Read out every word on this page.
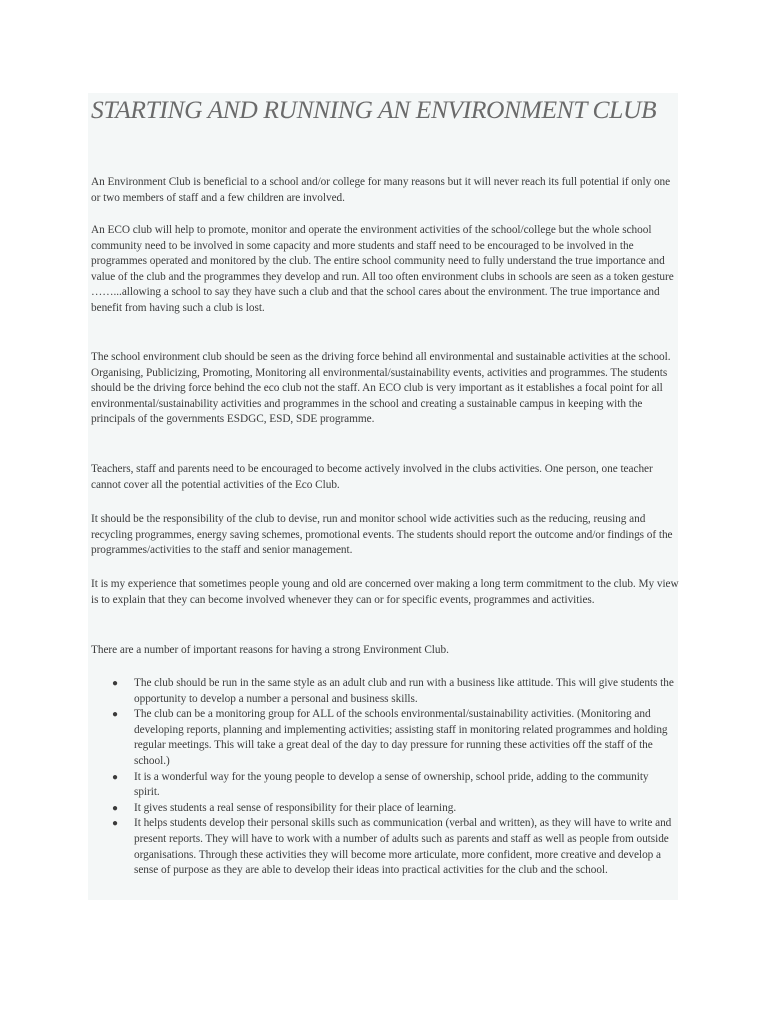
STARTING AND RUNNING AN ENVIRONMENT CLUB

An Environment Club is beneficial to a school and/or college for many reasons but it will never reach its full potential if only one or two members of staff and a few children are involved.

An ECO club will help to promote, monitor and operate the environment activities of the school/college but the whole school community need to be involved in some capacity and more students and staff need to be encouraged to be involved in the programmes operated and monitored by the club. The entire school community need to fully understand the true importance and value of the club and the programmes they develop and run. All too often environment clubs in schools are seen as a token gesture ……...allowing a school to say they have such a club and that the school cares about the environment. The true importance and benefit from having such a club is lost.

The school environment club should be seen as the driving force behind all environmental and sustainable activities at the school. Organising, Publicizing, Promoting, Monitoring all environmental/sustainability events, activities and programmes. The students should be the driving force behind the eco club not the staff. An ECO club is very important as it establishes a focal point for all environmental/sustainability activities and programmes in the school and creating a sustainable campus in keeping with the principals of the governments ESDGC, ESD, SDE programme.

Teachers, staff and parents need to be encouraged to become actively involved in the clubs activities. One person, one teacher cannot cover all the potential activities of the Eco Club.

It should be the responsibility of the club to devise, run and monitor school wide activities such as the reducing, reusing and recycling programmes, energy saving schemes, promotional events. The students should report the outcome and/or findings of the programmes/activities to the staff and senior management.

It is my experience that sometimes people young and old are concerned over making a long term commitment to the club. My view is to explain that they can become involved whenever they can or for specific events, programmes and activities.

There are a number of important reasons for having a strong Environment Club.

● The club should be run in the same style as an adult club and run with a business like attitude. This will give students the opportunity to develop a number a personal and business skills.
● The club can be a monitoring group for ALL of the schools environmental/sustainability activities. (Monitoring and developing reports, planning and implementing activities; assisting staff in monitoring related programmes and holding regular meetings. This will take a great deal of the day to day pressure for running these activities off the staff of the school.)
● It is a wonderful way for the young people to develop a sense of ownership, school pride, adding to the community spirit.
● It gives students a real sense of responsibility for their place of learning.
● It helps students develop their personal skills such as communication (verbal and written), as they will have to write and present reports. They will have to work with a number of adults such as parents and staff as well as people from outside organisations. Through these activities they will become more articulate, more confident, more creative and develop a sense of purpose as they are able to develop their ideas into practical activities for the club and the school.
